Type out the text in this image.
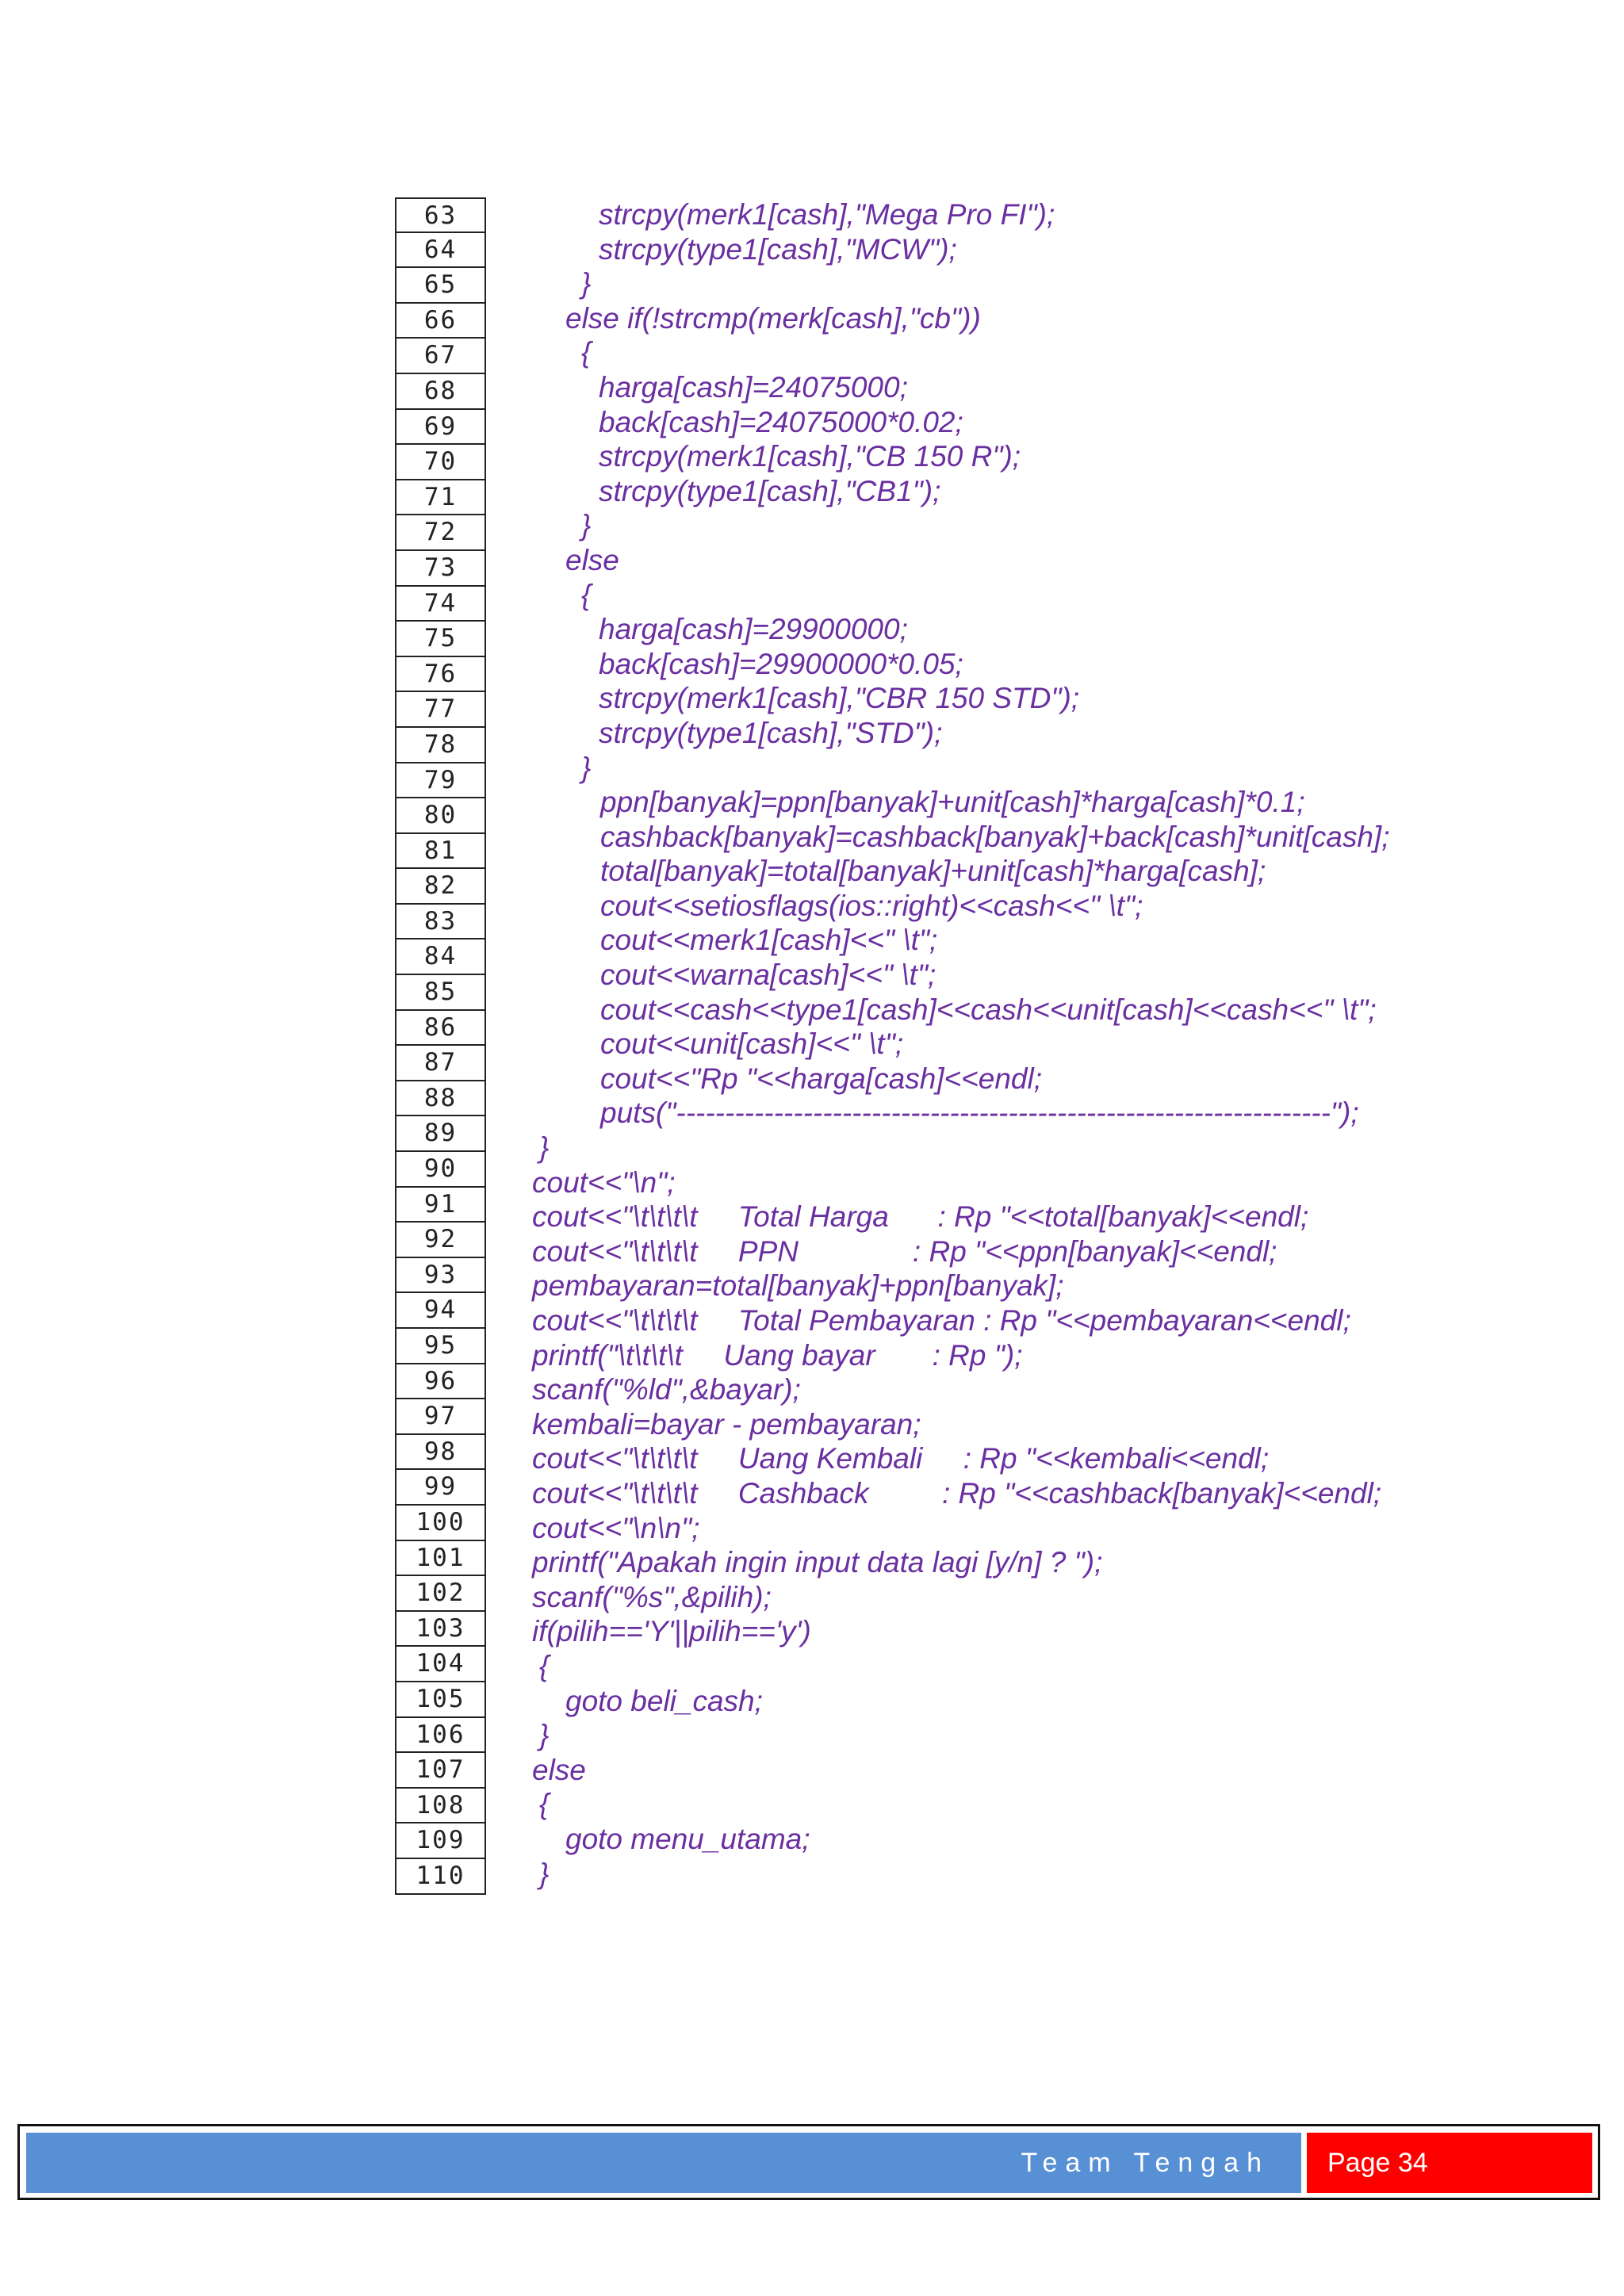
63
64
65
66
67
68
69
70
71
72
73
74
75
76
77
78
79
80
81
82
83
84
85
86
87
88
89
90
91
92
93
94
95
96
97
98
99
100
101
102
103
104
105
106
107
108
109
110
strcpy(merk1[cash],"Mega Pro FI");
strcpy(type1[cash],"MCW");
}
else if(!strcmp(merk[cash],"cb"))
{
harga[cash]=24075000;
back[cash]=24075000*0.02;
strcpy(merk1[cash],"CB 150 R");
strcpy(type1[cash],"CB1");
}
else
{
harga[cash]=29900000;
back[cash]=29900000*0.05;
strcpy(merk1[cash],"CBR 150 STD");
strcpy(type1[cash],"STD");
}
ppn[banyak]=ppn[banyak]+unit[cash]*harga[cash]*0.1;
cashback[banyak]=cashback[banyak]+back[cash]*unit[cash];
total[banyak]=total[banyak]+unit[cash]*harga[cash];
cout<<setiosflags(ios::right)<<cash<<" \t";
cout<<merk1[cash]<<" \t";
cout<<warna[cash]<<" \t";
cout<<cash<<type1[cash]<<cash<<unit[cash]<<cash<<" \t";
cout<<unit[cash]<<" \t";
cout<<"Rp "<<harga[cash]<<endl;
puts("-------------------------------------------------------------------");
}
cout<<"\n";
cout<<"\t\t\t\t     Total Harga      : Rp "<<total[banyak]<<endl;
cout<<"\t\t\t\t     PPN              : Rp "<<ppn[banyak]<<endl;
pembayaran=total[banyak]+ppn[banyak];
cout<<"\t\t\t\t     Total Pembayaran : Rp "<<pembayaran<<endl;
printf("\t\t\t\t     Uang bayar       : Rp ");
scanf("%ld",&bayar);
kembali=bayar - pembayaran;
cout<<"\t\t\t\t     Uang Kembali     : Rp "<<kembali<<endl;
cout<<"\t\t\t\t     Cashback         : Rp "<<cashback[banyak]<<endl;
cout<<"\n\n";
printf("Apakah ingin input data lagi [y/n] ? ");
scanf("%s",&pilih);
if(pilih=='Y'||pilih=='y')
{
goto beli_cash;
}
else
{
goto menu_utama;
}
Team Tengah Page 34
